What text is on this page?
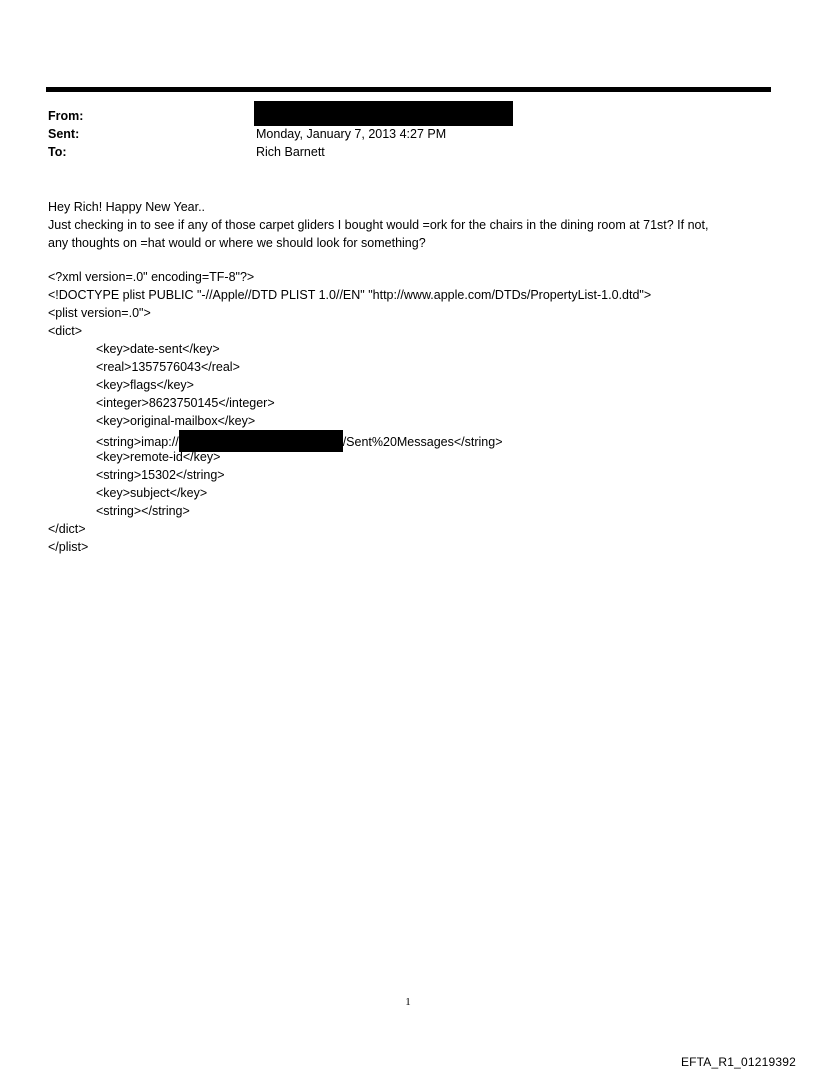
From:
Sent:	Monday, January 7, 2013 4:27 PM
To:	Rich Barnett

Hey Rich! Happy New Year..

Just checking in to see if any of those carpet gliders I bought would =ork for the chairs in the dining room at 71st? If not,

any thoughts on =hat would or where we should look for something?

<?xml version=.0" encoding=TF-8"?>
<!DOCTYPE plist PUBLIC "-//Apple//DTD PLIST 1.0//EN" "http://www.apple.com/DTDs/PropertyList-1.0.dtd">
<plist version=.0">
<dict>
<key>date-sent</key>
<real>1357576043</real>
<key>flags</key>
<integer>8623750145</integer>
<key>original-mailbox</key>
<string>imap://	/Sent%20Messages</string>
<key>remote-id</key>
<string>15302</string>
<key>subject</key>
<string></string>
</dict>
</plist>
1
EFTA_R1_01219392
